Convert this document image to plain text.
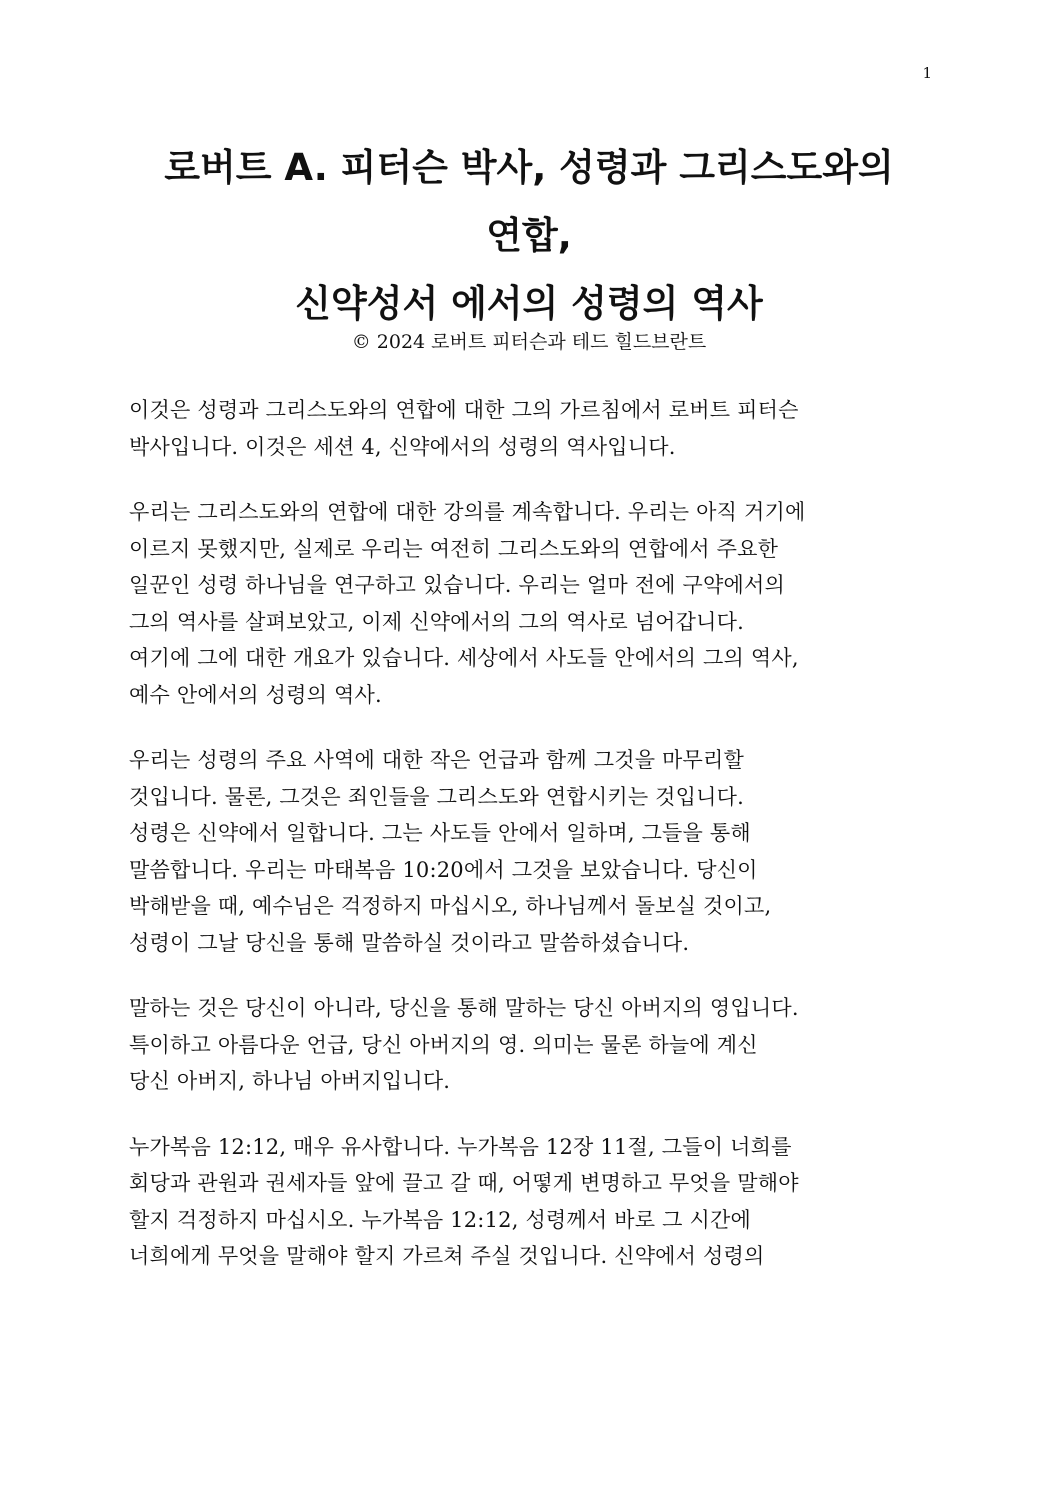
1
로버트 A. 피터슨 박사, 성령과 그리스도와의
연합,
신약성서 에서의 성령의 역사
© 2024 로버트 피터슨과 테드 힐드브란트

이것은 성령과 그리스도와의 연합에 대한 그의 가르침에서 로버트 피터슨
박사입니다. 이것은 세션 4, 신약에서의 성령의 역사입니다.

우리는 그리스도와의 연합에 대한 강의를 계속합니다. 우리는 아직 거기에
이르지 못했지만, 실제로 우리는 여전히 그리스도와의 연합에서 주요한
일꾼인 성령 하나님을 연구하고 있습니다. 우리는 얼마 전에 구약에서의
그의 역사를 살펴보았고, 이제 신약에서의 그의 역사로 넘어갑니다.
여기에 그에 대한 개요가 있습니다. 세상에서 사도들 안에서의 그의 역사,
예수 안에서의 성령의 역사.

우리는 성령의 주요 사역에 대한 작은 언급과 함께 그것을 마무리할
것입니다. 물론, 그것은 죄인들을 그리스도와 연합시키는 것입니다.
성령은 신약에서 일합니다. 그는 사도들 안에서 일하며, 그들을 통해
말씀합니다. 우리는 마태복음 10:20에서 그것을 보았습니다. 당신이
박해받을 때, 예수님은 걱정하지 마십시오, 하나님께서 돌보실 것이고,
성령이 그날 당신을 통해 말씀하실 것이라고 말씀하셨습니다.

말하는 것은 당신이 아니라, 당신을 통해 말하는 당신 아버지의 영입니다.
특이하고 아름다운 언급, 당신 아버지의 영. 의미는 물론 하늘에 계신
당신 아버지, 하나님 아버지입니다.

누가복음 12:12, 매우 유사합니다. 누가복음 12장 11절, 그들이 너희를
회당과 관원과 권세자들 앞에 끌고 갈 때, 어떻게 변명하고 무엇을 말해야
할지 걱정하지 마십시오. 누가복음 12:12, 성령께서 바로 그 시간에
너희에게 무엇을 말해야 할지 가르쳐 주실 것입니다. 신약에서 성령의
